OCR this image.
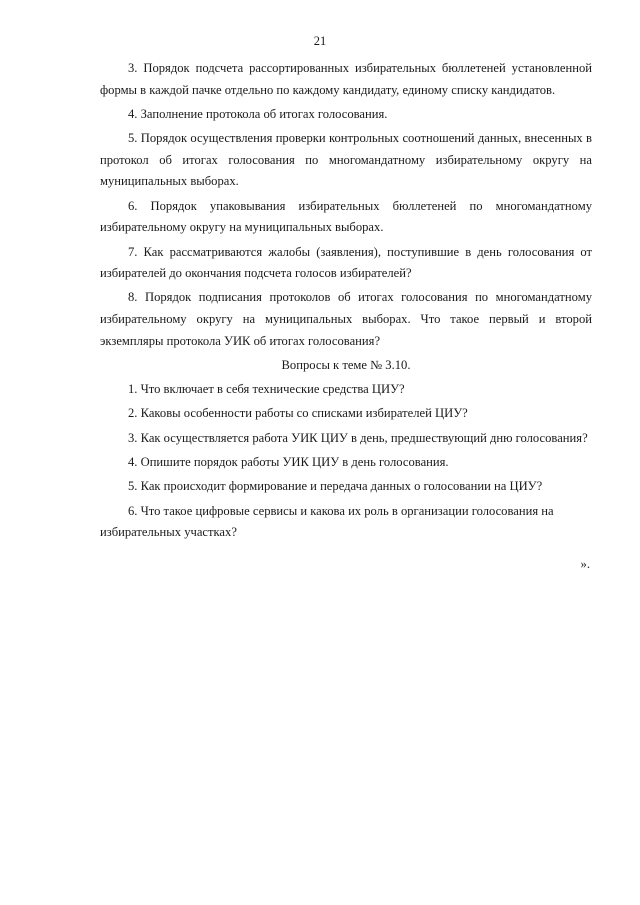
21

3. Порядок подсчета рассортированных избирательных бюллетеней установленной формы в каждой пачке отдельно по каждому кандидату, единому списку кандидатов.

4. Заполнение протокола об итогах голосования.

5. Порядок осуществления проверки контрольных соотношений данных, внесенных в протокол об итогах голосования по многомандатному избирательному округу на муниципальных выборах.

6. Порядок упаковывания избирательных бюллетеней по многомандатному избирательному округу на муниципальных выборах.

7. Как рассматриваются жалобы (заявления), поступившие в день голосования от избирателей до окончания подсчета голосов избирателей?

8. Порядок подписания протоколов об итогах голосования по многомандатному избирательному округу на муниципальных выборах. Что такое первый и второй экземпляры протокола УИК об итогах голосования?

Вопросы к теме № 3.10.

1. Что включает в себя технические средства ЦИУ?

2. Каковы особенности работы со списками избирателей ЦИУ?

3. Как осуществляется работа УИК ЦИУ в день, предшествующий дню голосования?

4. Опишите порядок работы УИК ЦИУ в день голосования.

5. Как происходит формирование и передача данных о голосовании на ЦИУ?

6. Что такое цифровые сервисы и какова их роль в организации голосования на избирательных участках?

».
